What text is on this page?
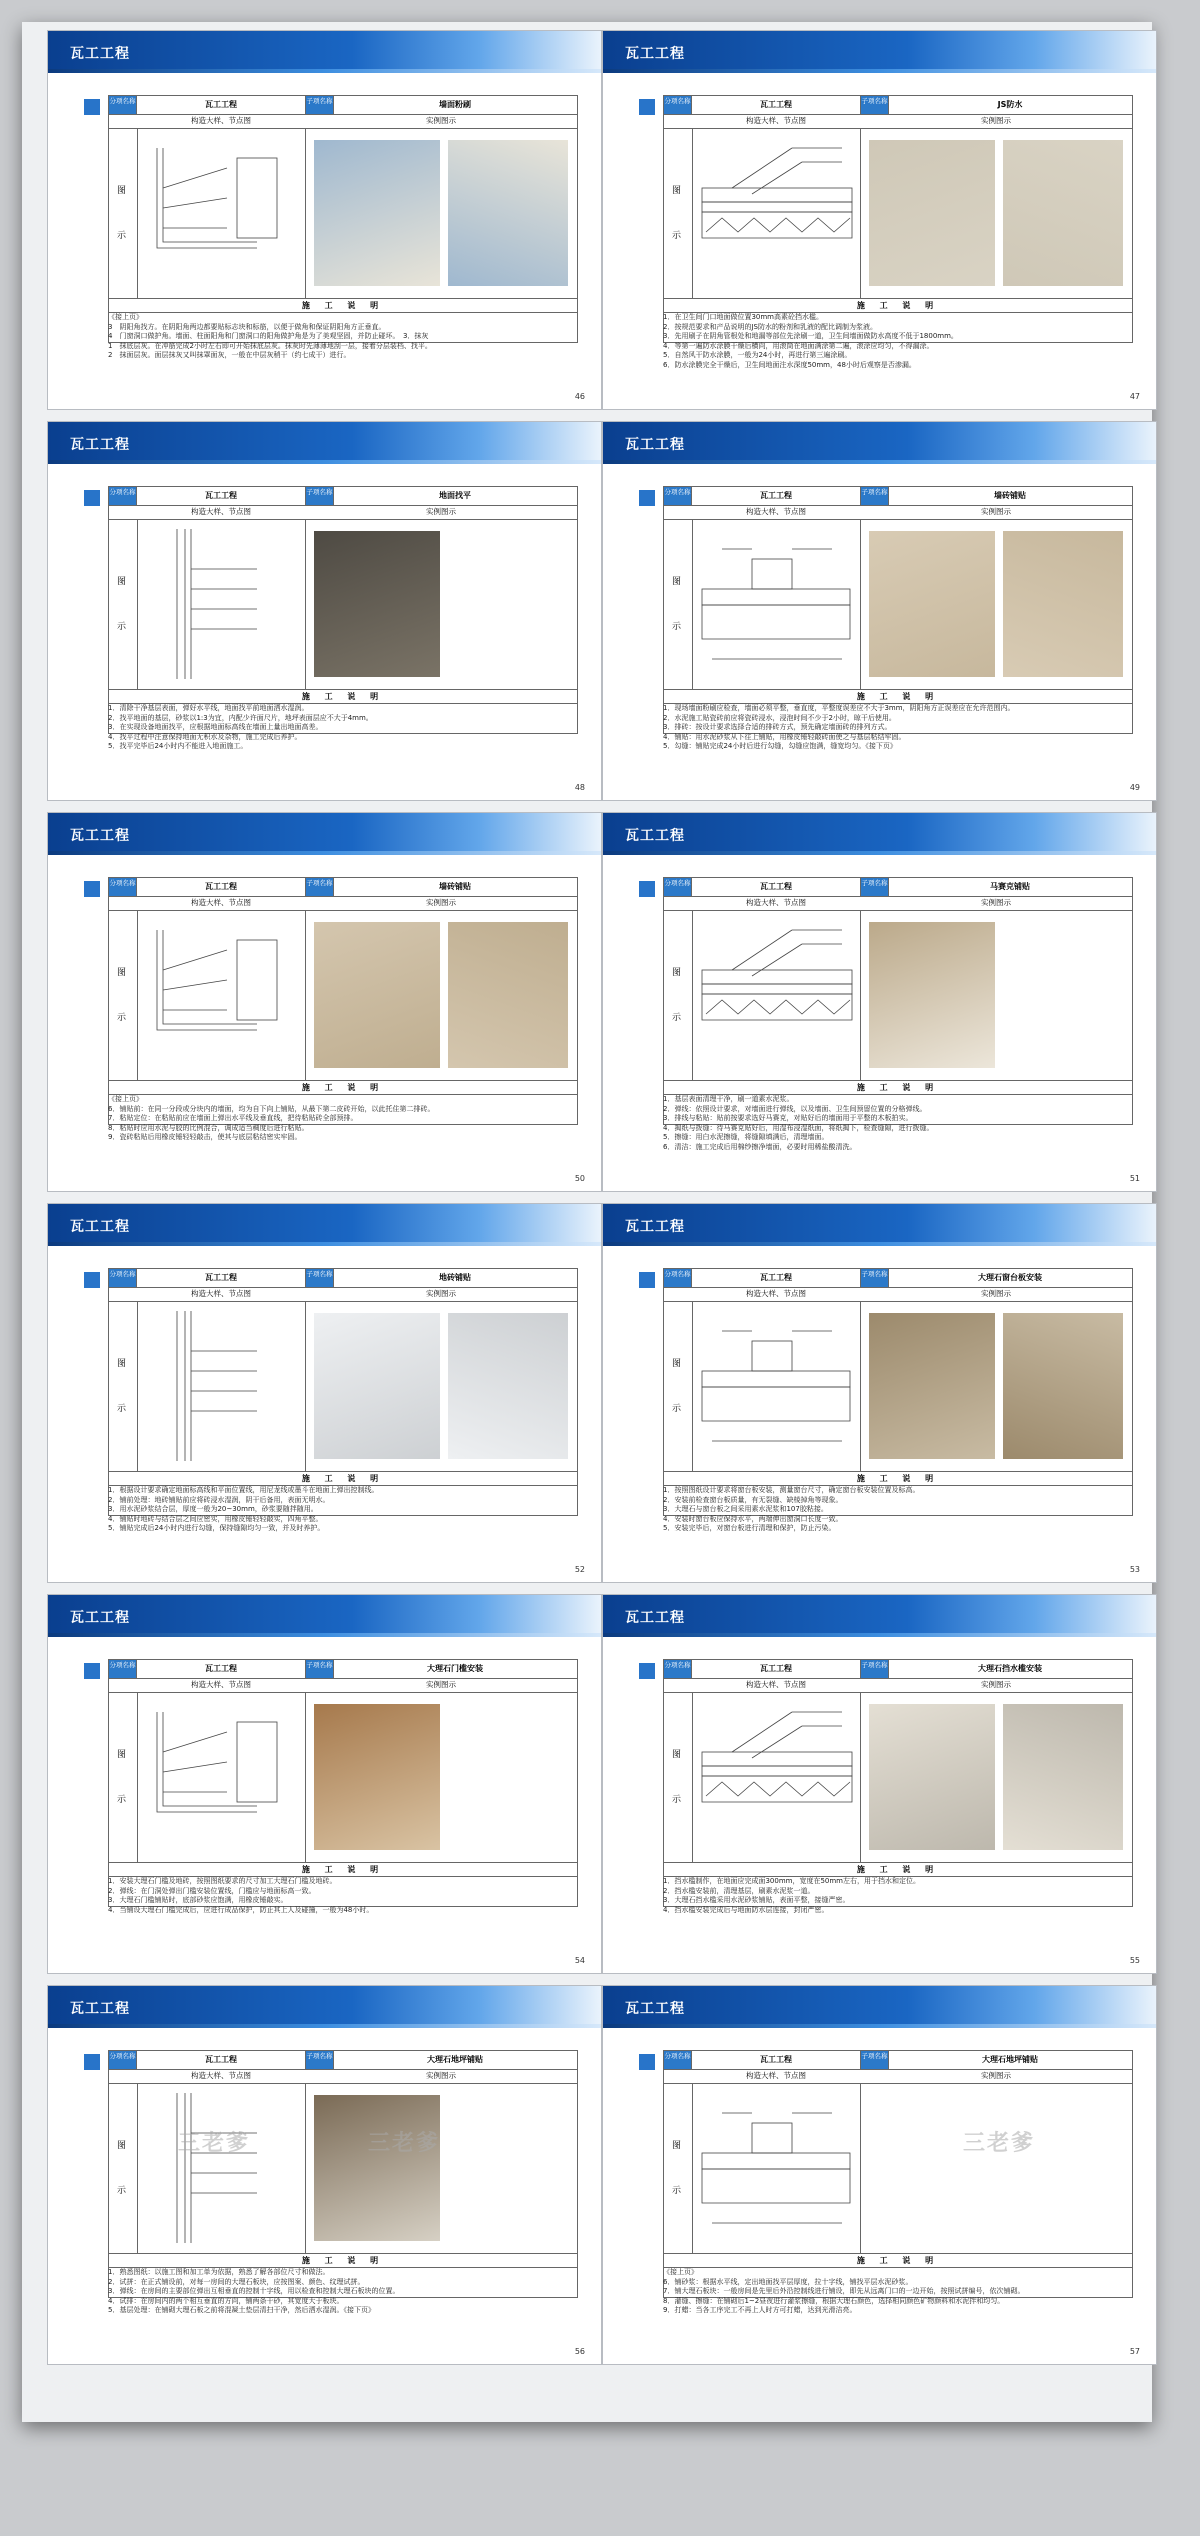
瓦工工程
分项名称	瓦工工程	子项名称	墙面粉刷
构造大样、节点图	实例图示
图
示
施 工 说 明
《接上页》
3　阴阳角找方。在阴阳角两边都要贴标志块和标筋，以便于做角和保证阴阳角方正垂直。
4　门窗洞口做护角。墙面、柱面阳角和门窗洞口的阳角做护角是为了美观坚固，并防止碰坏。　3．抹灰
1　抹底层灰。在冲筋完成2小时左右即可开始抹底层灰。抹灰时先薄薄地刮一层，接着分层装档、找平。
2　抹面层灰。面层抹灰又叫抹罩面灰，一般在中层灰稍干（约七成干）进行。
46
瓦工工程
分项名称	瓦工工程	子项名称	JS防水
构造大样、节点图	实例图示
图
示
施 工 说 明
1．在卫生间门口地面做位置30mm高素砼挡水槛。
2．按规范要求和产品说明的JS防水的粉剂和乳液的配比调制为浆液。
3．先用刷子在阴角管根处和地漏等部位先涂刷一道，卫生间墙面做防水高度不低于1800mm。
4．等第一遍防水涂膜干燥后横向，用滚筒在地面满涂第二遍，滚涂应均匀，不得漏涂。
5．自然风干防水涂膜，一般为24小时，再进行第三遍涂刷。
6．防水涂膜完全干燥后，卫生间地面注水深度50mm，48小时后观察是否渗漏。
47
瓦工工程
分项名称	瓦工工程	子项名称	地面找平
构造大样、节点图	实例图示
图
示
施 工 说 明
1．清除干净基层表面，弹好水平线，地面找平前地面洒水湿润。
2．找平地面的基层，砂浆以1:3为宜，内配少许面尺片，地坪表面层应不大于4mm。
3．在实现设备地面找平，应根据地面标高线在墙面上量出地面高差。
4．找平过程中注意保持地面无积水及杂物，施工完成后养护。
5．找平完毕后24小时内不能进入地面施工。
48
瓦工工程
分项名称	瓦工工程	子项名称	墙砖铺贴
构造大样、节点图	实例图示
图
示
施 工 说 明
1．现场墙面粉刷应检查，墙面必须平整，垂直度，平整度误差应不大于3mm，阴阳角方正误差应在允许范围内。
2．水泥施工贴瓷砖前应将瓷砖浸水，浸泡时间不少于2小时，晾干后使用。
3．排砖：按设计要求选择合适的排砖方式，预先确定墙面砖的排列方式。
4．铺贴：用水泥砂浆从下往上铺贴，用橡皮锤轻敲砖面使之与基层粘结牢固。
5．勾缝：铺贴完成24小时后进行勾缝，勾缝应饱满，缝宽均匀。《接下页》
49
瓦工工程
分项名称	瓦工工程	子项名称	墙砖铺贴
构造大样、节点图	实例图示
图
示
施 工 说 明
《接上页》
6．铺贴前：在同一分段或分块内的墙面，均为自下向上铺贴，从最下第二皮砖开始，以此托住第二排砖。
7．粘贴定位：在粘贴前应在墙面上弹出水平线及垂直线，把待粘贴砖全部预排。
8．粘贴时应用水泥与胶的比例混合，调成适当稠度后进行粘贴。
9．瓷砖粘贴后用橡皮锤轻轻敲击，使其与底层粘结密实牢固。
50
瓦工工程
分项名称	瓦工工程	子项名称	马赛克铺贴
构造大样、节点图	实例图示
图
示
施 工 说 明
1．基层表面清理干净，刷一道素水泥浆。
2．弹线：依照设计要求，对墙面进行弹线，以及墙面、卫生间预留位置的分格弹线。
3．排线与粘贴：贴前按要求选好马赛克，对贴好后的墙面用于平整的木板拍实。
4．揭纸与拨缝：待马赛克贴好后，用湿布浸湿纸面，将纸揭下，检查缝隙，进行拨缝。
5．擦缝：用白水泥擦缝，将缝隙填满后，清理墙面。
6．清洁：施工完成后用棉纱擦净墙面，必要时用稀盐酸清洗。
51
瓦工工程
分项名称	瓦工工程	子项名称	地砖铺贴
构造大样、节点图	实例图示
图
示
施 工 说 明
1．根据设计要求确定地面标高线和平面位置线，用尼龙线或墨斗在地面上弹出控制线。
2．铺前处理：地砖铺贴前应将砖浸水湿润，阴干后备用，表面无明水。
3．用水泥砂浆结合层，厚度一般为20~30mm，砂浆要随拌随用。
4．铺贴时地砖与结合层之间应密实，用橡皮锤轻轻敲实，四角平整。
5．铺贴完成后24小时内进行勾缝，保持缝隙均匀一致，并及时养护。
52
瓦工工程
分项名称	瓦工工程	子项名称	大理石窗台板安装
构造大样、节点图	实例图示
图
示
施 工 说 明
1．按照图纸设计要求将窗台板安装，测量窗台尺寸，确定窗台板安装位置及标高。
2．安装前检查窗台板质量，有无裂缝、缺棱掉角等现象。
3．大理石与窗台板之间采用素水泥浆和107胶粘接。
4．安装时窗台板应保持水平，两端伸出窗洞口长度一致。
5．安装完毕后，对窗台板进行清理和保护，防止污染。
53
瓦工工程
分项名称	瓦工工程	子项名称	大理石门槛安装
构造大样、节点图	实例图示
图
示
施 工 说 明
1．安装大理石门槛及地砖，按照图纸要求的尺寸加工大理石门槛及地砖。
2．弹线：在门洞处弹出门槛安装位置线，门槛应与地面标高一致。
3．大理石门槛铺贴时，底部砂浆应饱满，用橡皮锤敲实。
4．当铺设大理石门槛完成后，应进行成品保护，防止其上人及碰撞，一般为48小时。
54
瓦工工程
分项名称	瓦工工程	子项名称	大理石挡水槛安装
构造大样、节点图	实例图示
图
示
施 工 说 明
1．挡水槛制作，在地面应完成面300mm，宽度在50mm左右，用于挡水和定位。
2．挡水槛安装前，清理基层，刷素水泥浆一道。
3．大理石挡水槛采用水泥砂浆铺贴，表面平整，接缝严密。
4．挡水槛安装完成后与地面防水层连接，封闭严密。
55
瓦工工程
分项名称	瓦工工程	子项名称	大理石地坪铺贴
构造大样、节点图	实例图示
图
示
施 工 说 明
1．熟悉图纸：以施工图和加工单为依据，熟悉了解各部位尺寸和做法。
2．试拼：在正式铺设前，对每一房间的大理石板块，应按图案、颜色、纹理试拼。
3．弹线：在房间的主要部位弹出互相垂直的控制十字线，用以检查和控制大理石板块的位置。
4．试排：在房间内的两个相互垂直的方向，铺两条干砂，其宽度大于板块。
5．基层处理：在铺砌大理石板之前将混凝土垫层清扫干净，然后洒水湿润。《接下页》
56
三老爹	三老爹
瓦工工程
分项名称	瓦工工程	子项名称	大理石地坪铺贴
构造大样、节点图	实例图示
图
示
施 工 说 明
《接上页》
6．铺砂浆：根据水平线，定出地面找平层厚度，拉十字线，铺找平层水泥砂浆。
7．铺大理石板块：一般房间是先里后外沿控制线进行铺设，即先从远离门口的一边开始，按照试拼编号，依次铺砌。
8．灌缝、擦缝：在铺砌后1~2昼夜进行灌浆擦缝，根据大理石颜色，选择相同颜色矿物颜料和水泥拌和均匀。
9．打蜡：当各工序完工不再上人时方可打蜡，达到光滑洁亮。
57
三老爹
